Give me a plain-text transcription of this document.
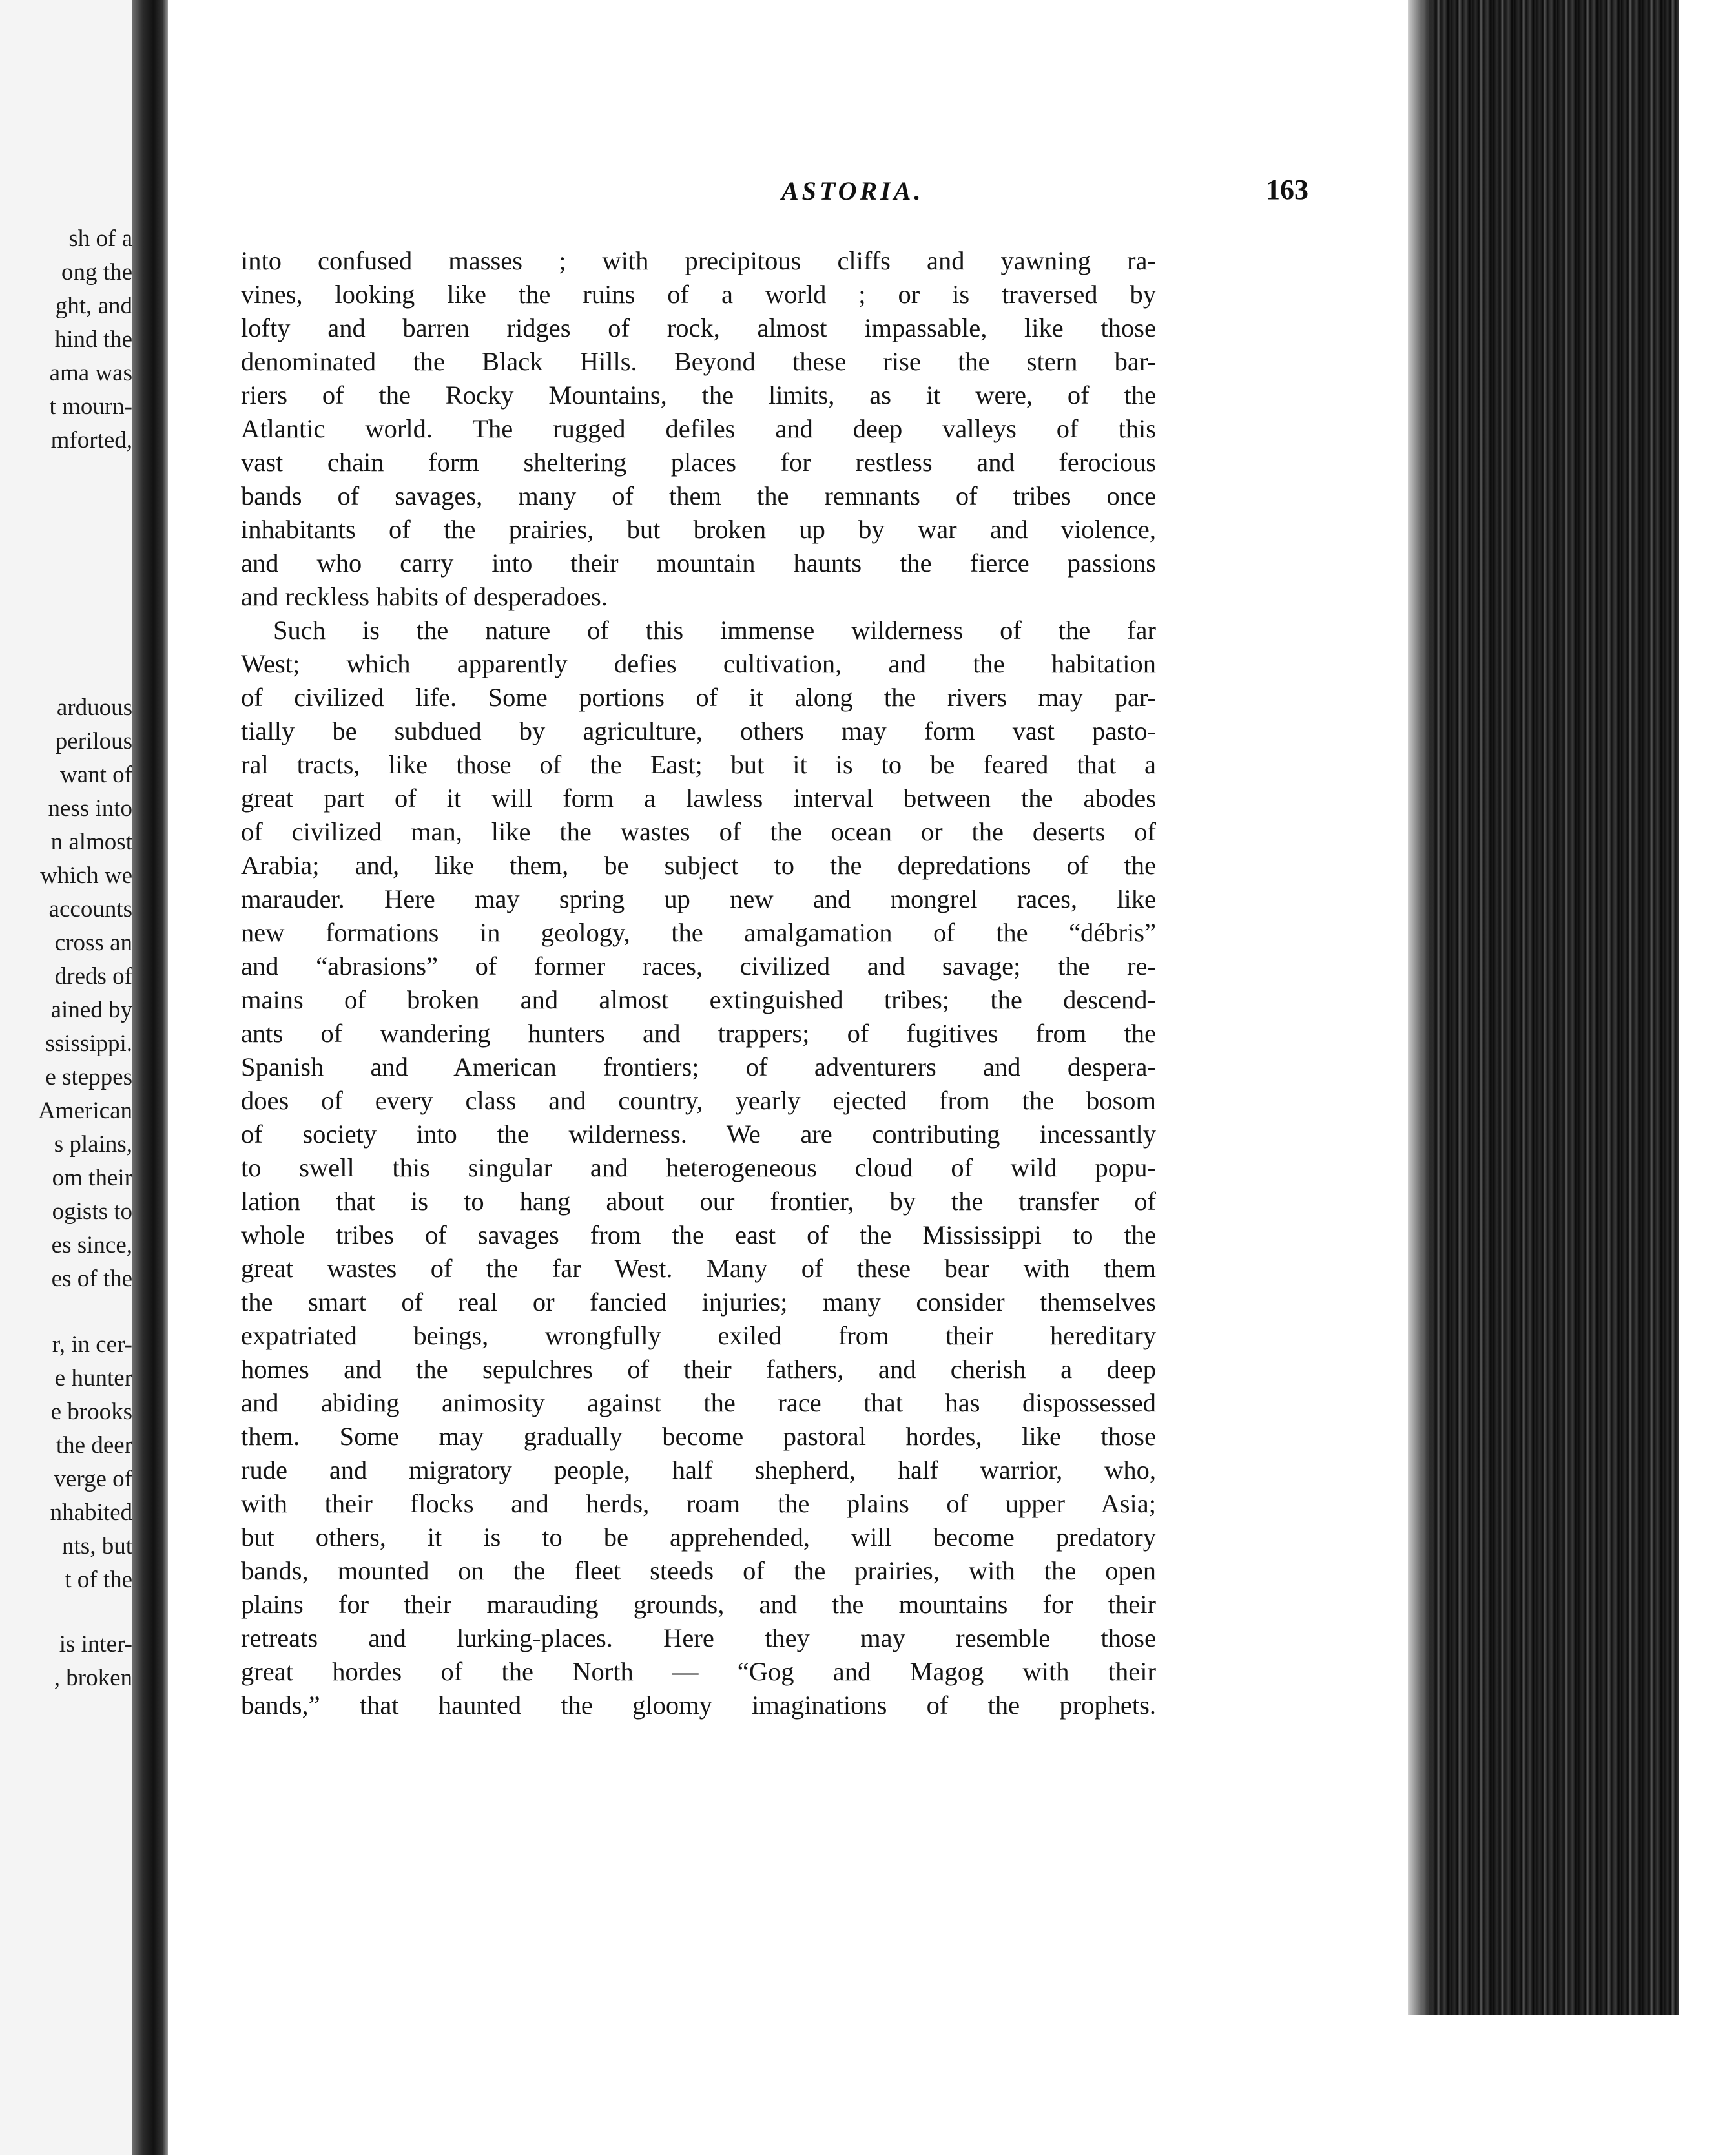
sh of a
ong the
ght, and
hind the
ama was
t mourn-
mforted,
arduous
perilous
want of
ness into
n almost
which we
accounts
cross an
dreds of
ained by
ssissippi.
e steppes
American
s plains,
om their
ogists to
es since,
es of the
r, in cer-
e hunter
e brooks
the deer
verge of
nhabited
nts, but
t of the
is inter-
, broken
ASTORIA.	163
into confused masses ; with precipitous cliffs and yawning ra-
vines, looking like the ruins of a world ; or is traversed by
lofty and barren ridges of rock, almost impassable, like those
denominated the Black Hills. Beyond these rise the stern bar-
riers of the Rocky Mountains, the limits, as it were, of the
Atlantic world. The rugged defiles and deep valleys of this
vast chain form sheltering places for restless and ferocious
bands of savages, many of them the remnants of tribes once
inhabitants of the prairies, but broken up by war and violence,
and who carry into their mountain haunts the fierce passions
and reckless habits of desperadoes.
Such is the nature of this immense wilderness of the far
West; which apparently defies cultivation, and the habitation
of civilized life. Some portions of it along the rivers may par-
tially be subdued by agriculture, others may form vast pasto-
ral tracts, like those of the East; but it is to be feared that a
great part of it will form a lawless interval between the abodes
of civilized man, like the wastes of the ocean or the deserts of
Arabia; and, like them, be subject to the depredations of the
marauder. Here may spring up new and mongrel races, like
new formations in geology, the amalgamation of the “débris”
and “abrasions” of former races, civilized and savage; the re-
mains of broken and almost extinguished tribes; the descend-
ants of wandering hunters and trappers; of fugitives from the
Spanish and American frontiers; of adventurers and despera-
does of every class and country, yearly ejected from the bosom
of society into the wilderness. We are contributing incessantly
to swell this singular and heterogeneous cloud of wild popu-
lation that is to hang about our frontier, by the transfer of
whole tribes of savages from the east of the Mississippi to the
great wastes of the far West. Many of these bear with them
the smart of real or fancied injuries; many consider themselves
expatriated beings, wrongfully exiled from their hereditary
homes and the sepulchres of their fathers, and cherish a deep
and abiding animosity against the race that has dispossessed
them. Some may gradually become pastoral hordes, like those
rude and migratory people, half shepherd, half warrior, who,
with their flocks and herds, roam the plains of upper Asia;
but others, it is to be apprehended, will become predatory
bands, mounted on the fleet steeds of the prairies, with the open
plains for their marauding grounds, and the mountains for their
retreats and lurking-places. Here they may resemble those
great hordes of the North — “Gog and Magog with their
bands,” that haunted the gloomy imaginations of the prophets.
